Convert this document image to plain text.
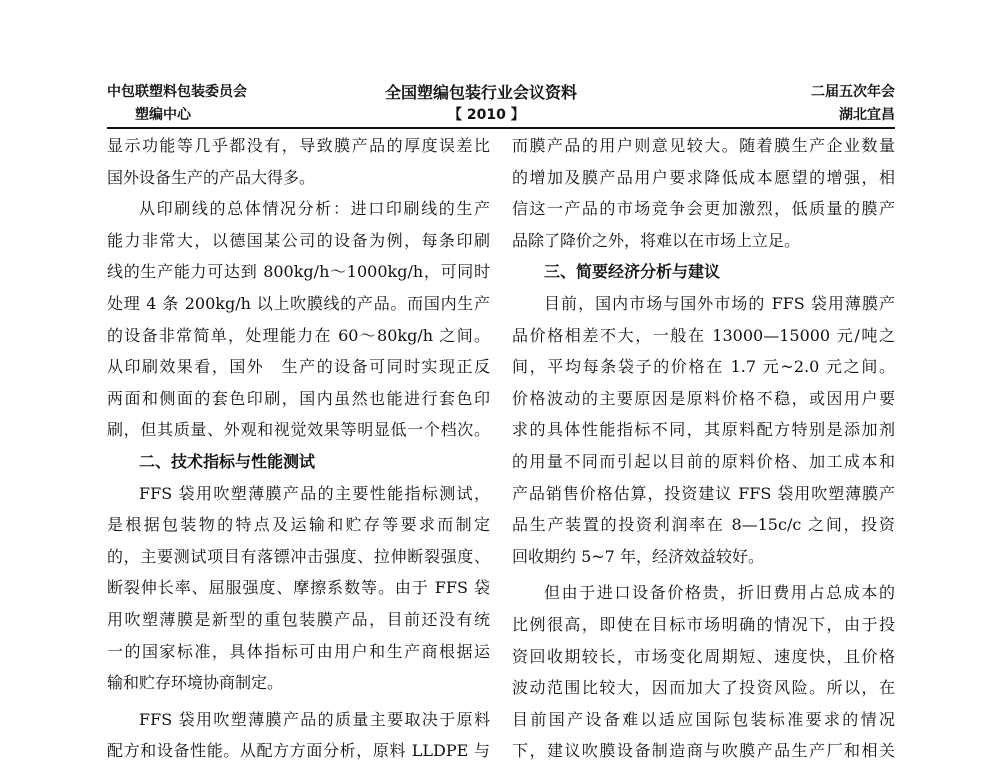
中包联塑料包装委员会
塑编中心
全国塑编包装行业会议资料
【 2010 】
二届五次年会
湖北宜昌
显示功能等几乎都没有，导致膜产品的厚度误差比
国外设备生产的产品大得多。
从印刷线的总体情况分析：进口印刷线的生产
能力非常大，以德国某公司的设备为例，每条印刷
线的生产能力可达到 800kg/h～1000kg/h，可同时
处理 4 条 200kg/h 以上吹膜线的产品。而国内生产
的设备非常简单，处理能力在 60～80kg/h 之间。
从印刷效果看，国外　生产的设备可同时实现正反
两面和侧面的套色印刷，国内虽然也能进行套色印
刷，但其质量、外观和视觉效果等明显低一个档次。
二、技术指标与性能测试
FFS 袋用吹塑薄膜产品的主要性能指标测试，
是根据包装物的特点及运输和贮存等要求而制定
的，主要测试项目有落镖冲击强度、拉伸断裂强度、
断裂伸长率、屈服强度、摩擦系数等。由于 FFS 袋
用吹塑薄膜是新型的重包装膜产品，目前还没有统
一的国家标准，具体指标可由用户和生产商根据运
输和贮存环境协商制定。
FFS 袋用吹塑薄膜产品的质量主要取决于原料
配方和设备性能。从配方方面分析，原料 LLDPE 与
而膜产品的用户则意见较大。随着膜生产企业数量
的增加及膜产品用户要求降低成本愿望的增强，相
信这一产品的市场竞争会更加激烈，低质量的膜产
品除了降价之外，将难以在市场上立足。
三、简要经济分析与建议
目前，国内市场与国外市场的 FFS 袋用薄膜产
品价格相差不大，一般在 13000—15000 元/吨之
间，平均每条袋子的价格在 1.7 元~2.0 元之间。
价格波动的主要原因是原料价格不稳，或因用户要
求的具体性能指标不同，其原料配方特别是添加剂
的用量不同而引起以目前的原料价格、加工成本和
产品销售价格估算，投资建议 FFS 袋用吹塑薄膜产
品生产装置的投资利润率在 8—15c/c 之间，投资
回收期约 5~7 年，经济效益较好。
但由于进口设备价格贵，折旧费用占总成本的
比例很高，即使在目标市场明确的情况下，由于投
资回收期较长，市场变化周期短、速度快，且价格
波动范围比较大，因而加大了投资风险。所以，在
目前国产设备难以适应国际包装标准要求的情况
下，建议吹膜设备制造商与吹膜产品生产厂和相关
